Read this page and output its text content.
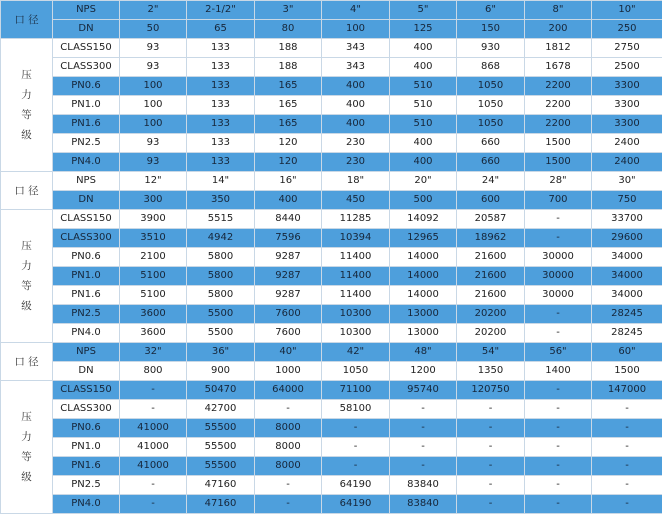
口 径	NPS	2"	2-1/2"	3"	4"	5"	6"	8"	10"
	DN	50	65	80	100	125	150	200	250
压
力
等
级	CLASS150	93	133	188	343	400	930	1812	2750
	CLASS300	93	133	188	343	400	868	1678	2500
	PN0.6	100	133	165	400	510	1050	2200	3300
	PN1.0	100	133	165	400	510	1050	2200	3300
	PN1.6	100	133	165	400	510	1050	2200	3300
	PN2.5	93	133	120	230	400	660	1500	2400
	PN4.0	93	133	120	230	400	660	1500	2400
口 径	NPS	12"	14"	16"	18"	20"	24"	28"	30"
	DN	300	350	400	450	500	600	700	750
压
力
等
级	CLASS150	3900	5515	8440	11285	14092	20587	-	33700
	CLASS300	3510	4942	7596	10394	12965	18962	-	29600
	PN0.6	2100	5800	9287	11400	14000	21600	30000	34000
	PN1.0	5100	5800	9287	11400	14000	21600	30000	34000
	PN1.6	5100	5800	9287	11400	14000	21600	30000	34000
	PN2.5	3600	5500	7600	10300	13000	20200	-	28245
	PN4.0	3600	5500	7600	10300	13000	20200	-	28245
口 径	NPS	32"	36"	40"	42"	48"	54"	56"	60"
	DN	800	900	1000	1050	1200	1350	1400	1500
压
力
等
级	CLASS150	-	50470	64000	71100	95740	120750	-	147000
	CLASS300	-	42700	-	58100	-	-	-	-
	PN0.6	41000	55500	8000	-	-	-	-	-
	PN1.0	41000	55500	8000	-	-	-	-	-
	PN1.6	41000	55500	8000	-	-	-	-	-
	PN2.5	-	47160	-	64190	83840	-	-	-
	PN4.0	-	47160	-	64190	83840	-	-	-
